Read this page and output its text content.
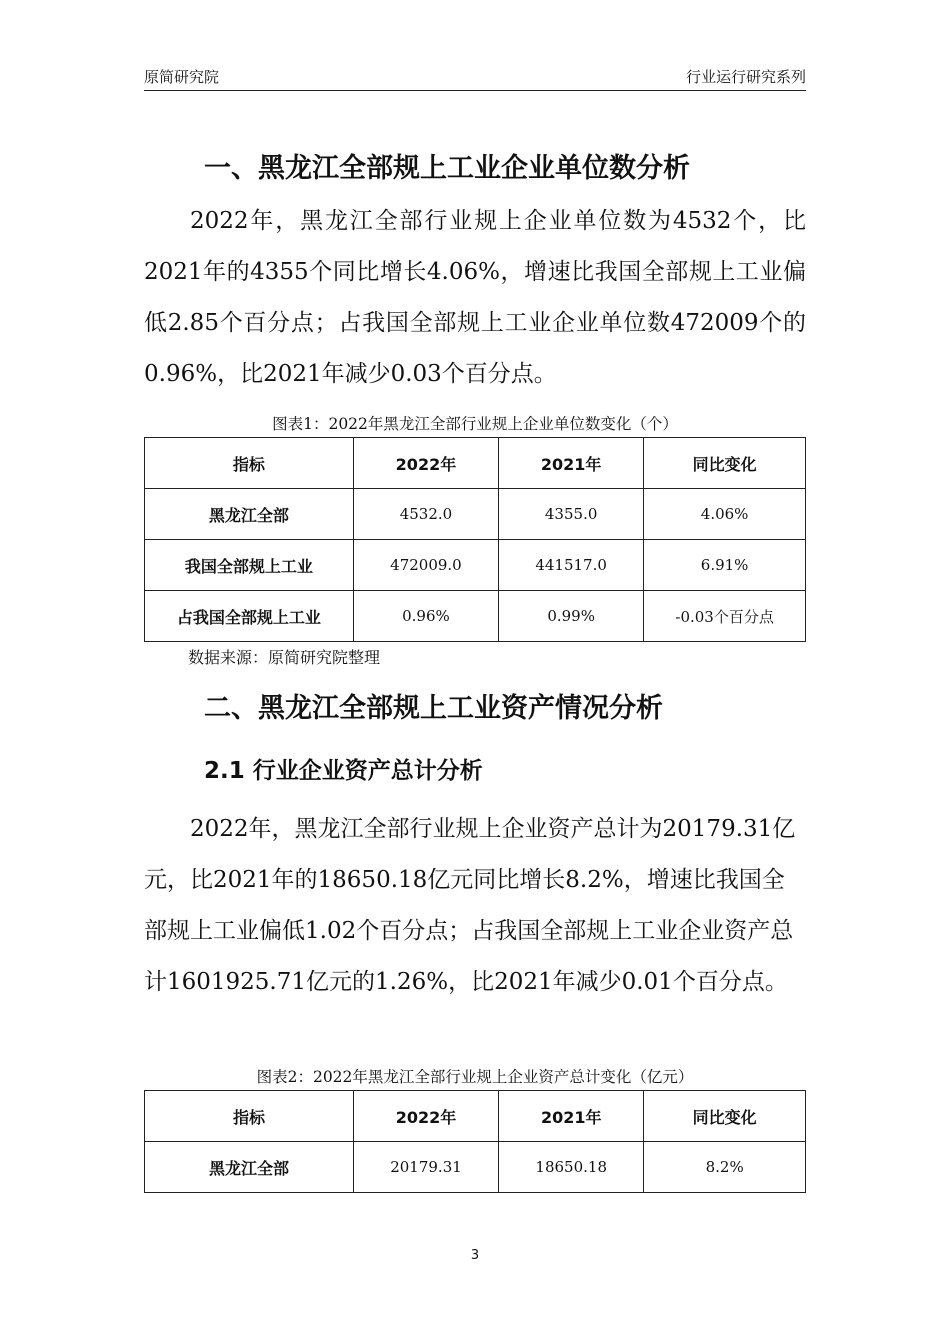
原简研究院	行业运行研究系列
一、黑龙江全部规上工业企业单位数分析

2022年，黑龙江全部行业规上企业单位数为4532个，比2021年的4355个同比增长4.06%，增速比我国全部规上工业偏低2.85个百分点；占我国全部规上工业企业单位数472009个的0.96%，比2021年减少0.03个百分点。

图表1：2022年黑龙江全部行业规上企业单位数变化（个）
指标	2022年	2021年	同比变化
黑龙江全部	4532.0	4355.0	4.06%
我国全部规上工业	472009.0	441517.0	6.91%
占我国全部规上工业	0.96%	0.99%	-0.03个百分点
数据来源：原简研究院整理
二、黑龙江全部规上工业资产情况分析
2.1 行业企业资产总计分析

2022年，黑龙江全部行业规上企业资产总计为20179.31亿元，比2021年的18650.18亿元同比增长8.2%，增速比我国全部规上工业偏低1.02个百分点；占我国全部规上工业企业资产总计1601925.71亿元的1.26%，比2021年减少0.01个百分点。

图表2：2022年黑龙江全部行业规上企业资产总计变化（亿元）
指标	2022年	2021年	同比变化
黑龙江全部	20179.31	18650.18	8.2%
3
